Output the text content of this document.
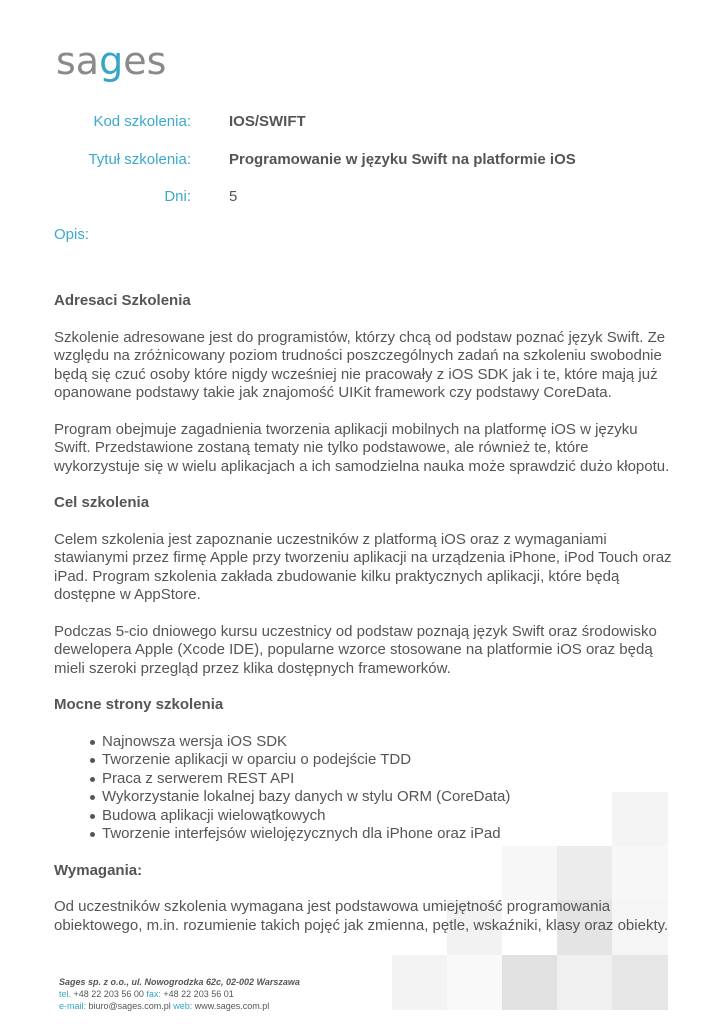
sa g es
Kod szkolenia:	IOS/SWIFT
Tytuł szkolenia:	Programowanie w języku Swift na platformie iOS
Dni:	5
Opis:
Adresaci Szkolenia

Szkolenie adresowane jest do programistów, którzy chcą od podstaw poznać język Swift. Ze względu na zróżnicowany poziom trudności poszczególnych zadań na szkoleniu swobodnie będą się czuć osoby które nigdy wcześniej nie pracowały z iOS SDK jak i te, które mają już opanowane podstawy takie jak znajomość UIKit framework czy podstawy CoreData.

Program obejmuje zagadnienia tworzenia aplikacji mobilnych na platformę iOS w języku Swift. Przedstawione zostaną tematy nie tylko podstawowe, ale również te, które wykorzystuje się w wielu aplikacjach a ich samodzielna nauka może sprawdzić dużo kłopotu.

Cel szkolenia

Celem szkolenia jest zapoznanie uczestników z platformą iOS oraz z wymaganiami stawianymi przez firmę Apple przy tworzeniu aplikacji na urządzenia iPhone, iPod Touch oraz iPad. Program szkolenia zakłada zbudowanie kilku praktycznych aplikacji, które będą dostępne w AppStore.

Podczas 5-cio dniowego kursu uczestnicy od podstaw poznają język Swift oraz środowisko dewelopera Apple (Xcode IDE), popularne wzorce stosowane na platformie iOS oraz będą mieli szeroki przegląd przez klika dostępnych frameworków.

Mocne strony szkolenia
Najnowsza wersja iOS SDK
Tworzenie aplikacji w oparciu o podejście TDD
Praca z serwerem REST API
Wykorzystanie lokalnej bazy danych w stylu ORM (CoreData)
Budowa aplikacji wielowątkowych
Tworzenie interfejsów wielojęzycznych dla iPhone oraz iPad
Wymagania:

Od uczestników szkolenia wymagana jest podstawowa umiejętność programowania obiektowego, m.in. rozumienie takich pojęć jak zmienna, pętle, wskaźniki, klasy oraz obiekty.

Sages sp. z o.o., ul. Nowogrodzka 62c, 02-002 Warszawa
tel. +48 22 203 56 00 fax: +48 22 203 56 01
e-mail: biuro@sages.com.pl web: www.sages.com.pl
